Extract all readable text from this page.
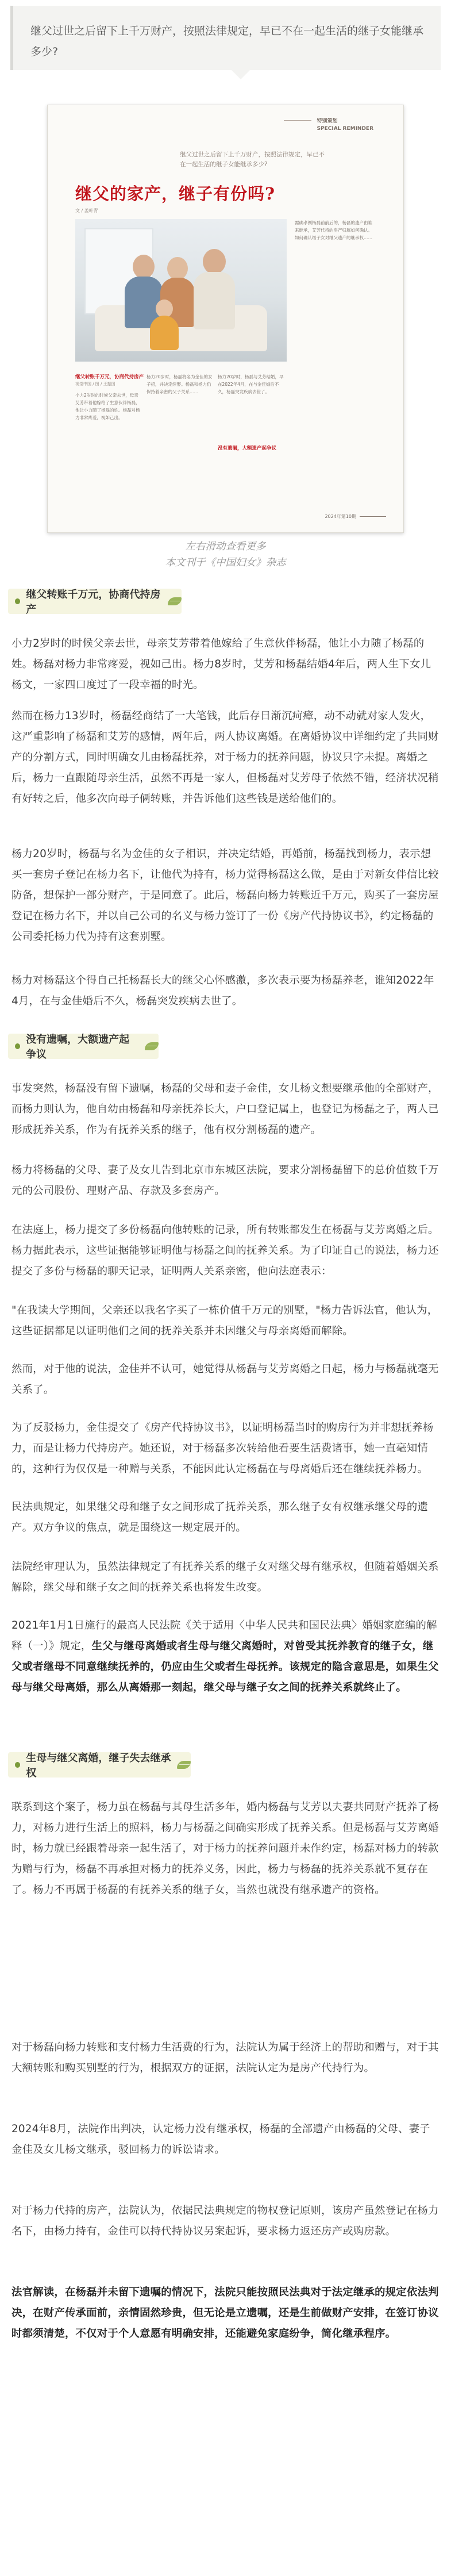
继父过世之后留下上千万财产，按照法律规定，早已不在一起生活的继子女能继承多少?

特别策划
SPECIAL REMINDER
继父过世之后留下上千万财产，按照法律规定，早已不在一起生活的继子女能继承多少?
继父的家产，继子有份吗?
文 / 姜叶青
继父转账千万元，协商代持房产
视觉中国 / 图 / 王振国
小力2岁时的时候父亲去世，母亲艾芳带着他嫁给了生意伙伴杨磊，他让小力随了杨磊的姓。杨磊对杨力非常疼爱，视如己出。
杨力20岁时，杨磊将名为金佳的女子招，并决定续娶。杨磊和杨力仍保持着亲密的父子关系……
没有遗嘱，大额遗产起争议
杨力20岁时，杨磊与艾芳结婚，早在2022年4月，在与金佳婚后不久，杨磊突发疾病去世了。
需确孝例杨磊前前后的，杨磊的遗产由谁来继承，艾芳代持的房产归属如何确认。如何确认继子女对继父遗产的继承权……
2024年第10期
左右滑动查看更多
本文刊于《中国妇女》杂志
继父转账千万元，协商代持房产

小力2岁时的时候父亲去世，母亲艾芳带着他嫁给了生意伙伴杨磊，他让小力随了杨磊的姓。杨磊对杨力非常疼爱，视如己出。杨力8岁时，艾芳和杨磊结婚4年后，两人生下女儿杨文，一家四口度过了一段幸福的时光。

然而在杨力13岁时，杨磊经商结了一大笔钱，此后存日渐沉疴瘴，动不动就对家人发火，这严重影响了杨磊和艾芳的感情，两年后，两人协议离婚。在离婚协议中详细约定了共同财产的分割方式，同时明确女儿由杨磊抚养，对于杨力的抚养问题，协议只字未提。离婚之后，杨力一直跟随母亲生活，虽然不再是一家人，但杨磊对艾芳母子依然不错，经济状况稍有好转之后，他多次向母子俩转账，并告诉他们这些钱是送给他们的。

杨力20岁时，杨磊与名为金佳的女子相识，并决定结婚，再婚前，杨磊找到杨力，表示想买一套房子登记在杨力名下，让他代为持有，杨力觉得杨磊这么做，是由于对新女伴信比较防备，想保护一部分财产，于是同意了。此后，杨磊向杨力转账近千万元，购买了一套房屋登记在杨力名下，并以自己公司的名义与杨力签订了一份《房产代持协议书》，约定杨磊的公司委托杨力代为持有这套别墅。

杨力对杨磊这个得自己托杨磊长大的继父心怀感激，多次表示要为杨磊养老，谁知2022年4月，在与金佳婚后不久，杨磊突发疾病去世了。

没有遗嘱，大额遗产起争议

事发突然，杨磊没有留下遗嘱，杨磊的父母和妻子金佳，女儿杨文想要继承他的全部财产，而杨力则认为，他自幼由杨磊和母亲抚养长大，户口登记属上，也登记为杨磊之子，两人已形成抚养关系，作为有抚养关系的继子，他有权分割杨磊的遗产。

杨力将杨磊的父母、妻子及女儿告到北京市东城区法院，要求分割杨磊留下的总价值数千万元的公司股份、理财产品、存款及多套房产。

在法庭上，杨力提交了多份杨磊向他转账的记录，所有转账都发生在杨磊与艾芳离婚之后。杨力据此表示，这些证据能够证明他与杨磊之间的抚养关系。为了印证自己的说法，杨力还提交了多份与杨磊的聊天记录，证明两人关系亲密，他向法庭表示：

"在我读大学期间，父亲还以我名字买了一栋价值千万元的别墅，"杨力告诉法官，他认为，这些证据都足以证明他们之间的抚养关系并未因继父与母亲离婚而解除。

然而，对于他的说法，金佳并不认可，她觉得从杨磊与艾芳离婚之日起，杨力与杨磊就毫无关系了。

为了反驳杨力，金佳提交了《房产代持协议书》，以证明杨磊当时的购房行为并非想抚养杨力，而是让杨力代持房产。她还说，对于杨磊多次转给他看要生活费诸事，她一直毫知情的，这种行为仅仅是一种赠与关系，不能因此认定杨磊在与母离婚后还在继续抚养杨力。

民法典规定，如果继父母和继子女之间形成了抚养关系，那么继子女有权继承继父母的遗产。双方争议的焦点，就是围绕这一规定展开的。

法院经审理认为，虽然法律规定了有抚养关系的继子女对继父母有继承权，但随着婚姻关系解除，继父母和继子女之间的抚养关系也将发生改变。

2021年1月1日施行的最高人民法院《关于适用〈中华人民共和国民法典〉婚姻家庭编的解释（一）》规定，生父与继母离婚或者生母与继父离婚时，对曾受其抚养教育的继子女，继父或者继母不同意继续抚养的，仍应由生父或者生母抚养。该规定的隐含意思是，如果生父母与继父母离婚，那么从离婚那一刻起，继父母与继子女之间的抚养关系就终止了。

生母与继父离婚，继子失去继承权

联系到这个案子，杨力虽在杨磊与其母生活多年，婚内杨磊与艾芳以夫妻共同财产抚养了杨力，对杨力进行生活上的照料，杨力与杨磊之间确实形成了抚养关系。但是杨磊与艾芳离婚时，杨力就已经跟着母亲一起生活了，对于杨力的抚养问题并未作约定，杨磊对杨力的转款为赠与行为，杨磊不再承担对杨力的抚养义务，因此，杨力与杨磊的抚养关系就不复存在了。杨力不再属于杨磊的有抚养关系的继子女，当然也就没有继承遗产的资格。

对于杨磊向杨力转账和支付杨力生活费的行为，法院认为属于经济上的帮助和赠与，对于其大额转账和购买别墅的行为，根据双方的证据，法院认定为是房产代持行为。

2024年8月，法院作出判决，认定杨力没有继承权，杨磊的全部遗产由杨磊的父母、妻子金佳及女儿杨文继承，驳回杨力的诉讼请求。

对于杨力代持的房产，法院认为，依据民法典规定的物权登记原则，该房产虽然登记在杨力名下，由杨力持有，金佳可以持代持协议另案起诉，要求杨力返还房产或购房款。

法官解读，在杨磊并未留下遗嘱的情况下，法院只能按照民法典对于法定继承的规定依法判决，在财产传承面前，亲情固然珍贵，但无论是立遗嘱，还是生前做财产安排，在签订协议时都须清楚，不仅对于个人意愿有明确安排，还能避免家庭纷争，简化继承程序。
